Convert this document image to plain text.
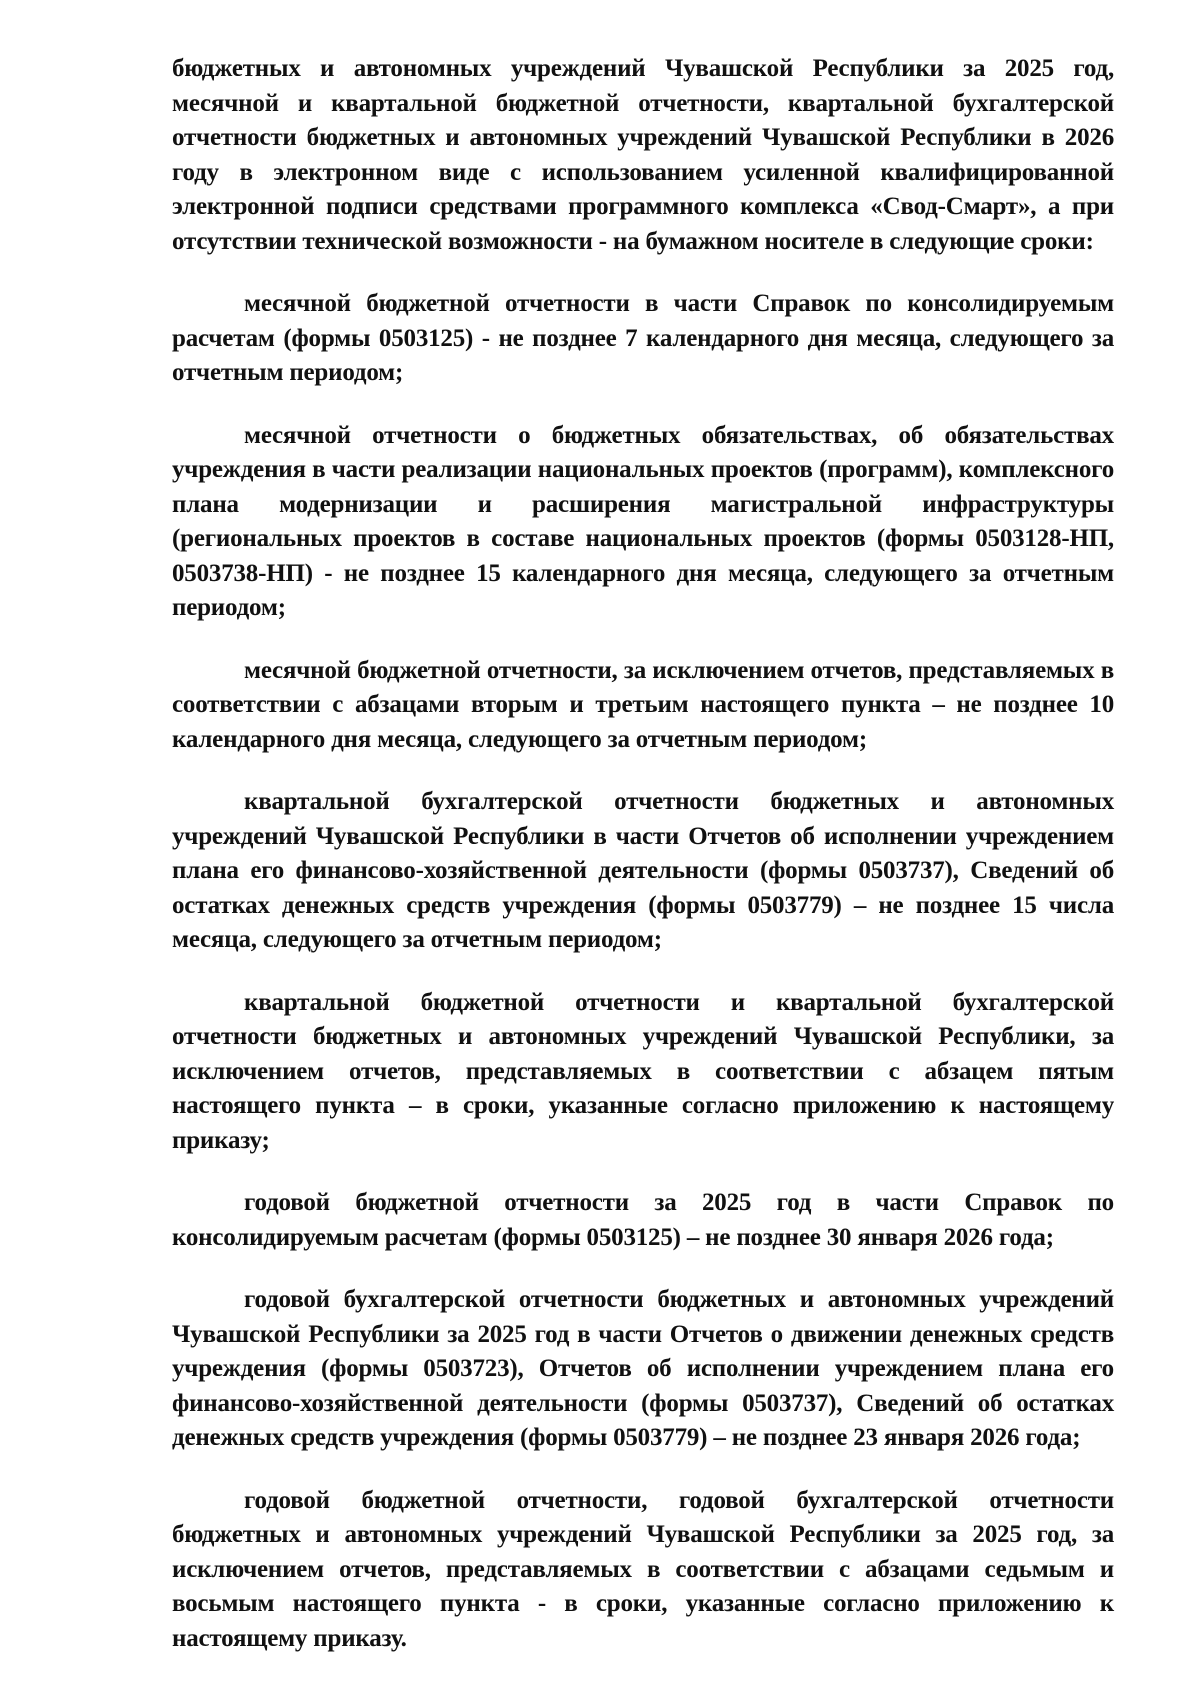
бюджетных и автономных учреждений Чувашской Республики за 2025 год, месячной и квартальной бюджетной отчетности, квартальной бухгалтерской отчетности бюджетных и автономных учреждений Чувашской Республики в 2026 году в электронном виде с использованием усиленной квалифицированной электронной подписи средствами программного комплекса «Свод-Смарт», а при отсутствии технической возможности - на бумажном носителе в следующие сроки:

месячной бюджетной отчетности в части Справок по консолидируемым расчетам (формы 0503125) - не позднее 7 календарного дня месяца, следующего за отчетным периодом;

месячной отчетности о бюджетных обязательствах, об обязательствах учреждения в части реализации национальных проектов (программ), комплексного плана модернизации и расширения магистральной инфраструктуры (региональных проектов в составе национальных проектов (формы 0503128-НП, 0503738-НП) - не позднее 15 календарного дня месяца, следующего за отчетным периодом;

месячной бюджетной отчетности, за исключением отчетов, представляемых в соответствии с абзацами вторым и третьим настоящего пункта – не позднее 10 календарного дня месяца, следующего за отчетным периодом;

квартальной бухгалтерской отчетности бюджетных и автономных учреждений Чувашской Республики в части Отчетов об исполнении учреждением плана его финансово-хозяйственной деятельности (формы 0503737), Сведений об остатках денежных средств учреждения (формы 0503779) – не позднее 15 числа месяца, следующего за отчетным периодом;

квартальной бюджетной отчетности и квартальной бухгалтерской отчетности бюджетных и автономных учреждений Чувашской Республики, за исключением отчетов, представляемых в соответствии с абзацем пятым настоящего пункта – в сроки, указанные согласно приложению к настоящему приказу;

годовой бюджетной отчетности за 2025 год в части Справок по консолидируемым расчетам (формы 0503125) – не позднее 30 января 2026 года;

годовой бухгалтерской отчетности бюджетных и автономных учреждений Чувашской Республики за 2025 год в части Отчетов о движении денежных средств учреждения (формы 0503723), Отчетов об исполнении учреждением плана его финансово-хозяйственной деятельности (формы 0503737), Сведений об остатках денежных средств учреждения (формы 0503779) – не позднее 23 января 2026 года;

годовой бюджетной отчетности, годовой бухгалтерской отчетности бюджетных и автономных учреждений Чувашской Республики за 2025 год, за исключением отчетов, представляемых в соответствии с абзацами седьмым и восьмым настоящего пункта - в сроки, указанные согласно приложению к настоящему приказу.
